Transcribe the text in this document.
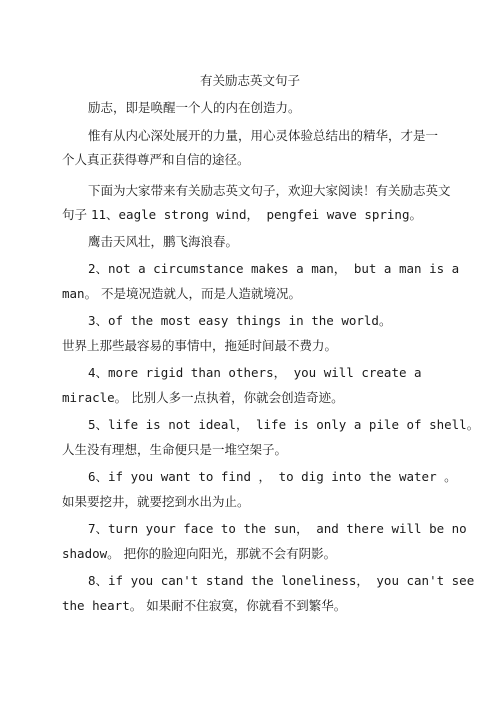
有关励志英文句子
励志，即是唤醒一个人的内在创造力。
惟有从内心深处展开的力量，用心灵体验总结出的精华，才是一
个人真正获得尊严和自信的途径。
下面为大家带来有关励志英文句子，欢迎大家阅读！有关励志英文
句子 11、eagle strong wind， pengfei wave spring。
鹰击天风壮，鹏飞海浪春。
2、not a circumstance makes a man， but a man is a
man。 不是境况造就人，而是人造就境况。
3、of the most easy things in the world。
世界上那些最容易的事情中，拖延时间最不费力。
4、more rigid than others， you will create a
miracle。 比别人多一点执着，你就会创造奇迹。
5、life is not ideal， life is only a pile of shell。
人生没有理想，生命便只是一堆空架子。
6、if you want to find ， to dig into the water 。
如果要挖井，就要挖到水出为止。
7、turn your face to the sun， and there will be no
shadow。 把你的脸迎向阳光，那就不会有阴影。
8、if you can't stand the loneliness， you can't see
the heart。 如果耐不住寂寞，你就看不到繁华。
